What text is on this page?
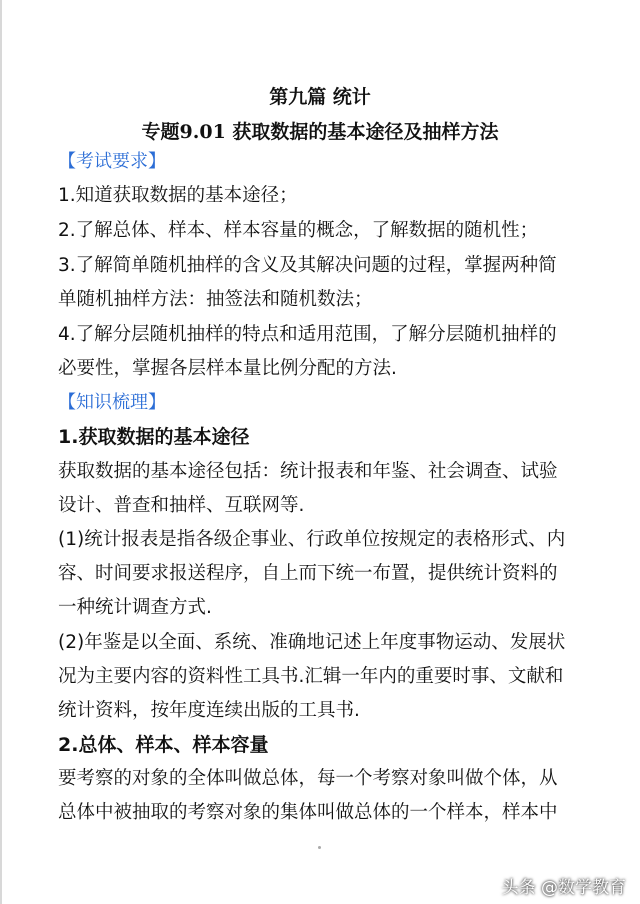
第九篇 统计
专题9.01 获取数据的基本途径及抽样方法
【考试要求】
1.知道获取数据的基本途径；
2.了解总体、样本、样本容量的概念，了解数据的随机性；
3.了解简单随机抽样的含义及其解决问题的过程，掌握两种简
单随机抽样方法：抽签法和随机数法；
4.了解分层随机抽样的特点和适用范围，了解分层随机抽样的
必要性，掌握各层样本量比例分配的方法.
【知识梳理】
1.获取数据的基本途径
获取数据的基本途径包括：统计报表和年鉴、社会调查、试验
设计、普查和抽样、互联网等.
(1)统计报表是指各级企事业、行政单位按规定的表格形式、内
容、时间要求报送程序，自上而下统一布置，提供统计资料的
一种统计调查方式.
(2)年鉴是以全面、系统、准确地记述上年度事物运动、发展状
况为主要内容的资料性工具书.汇辑一年内的重要时事、文献和
统计资料，按年度连续出版的工具书.
2.总体、样本、样本容量
要考察的对象的全体叫做总体，每一个考察对象叫做个体，从
总体中被抽取的考察对象的集体叫做总体的一个样本，样本中
头条 @数学教育
